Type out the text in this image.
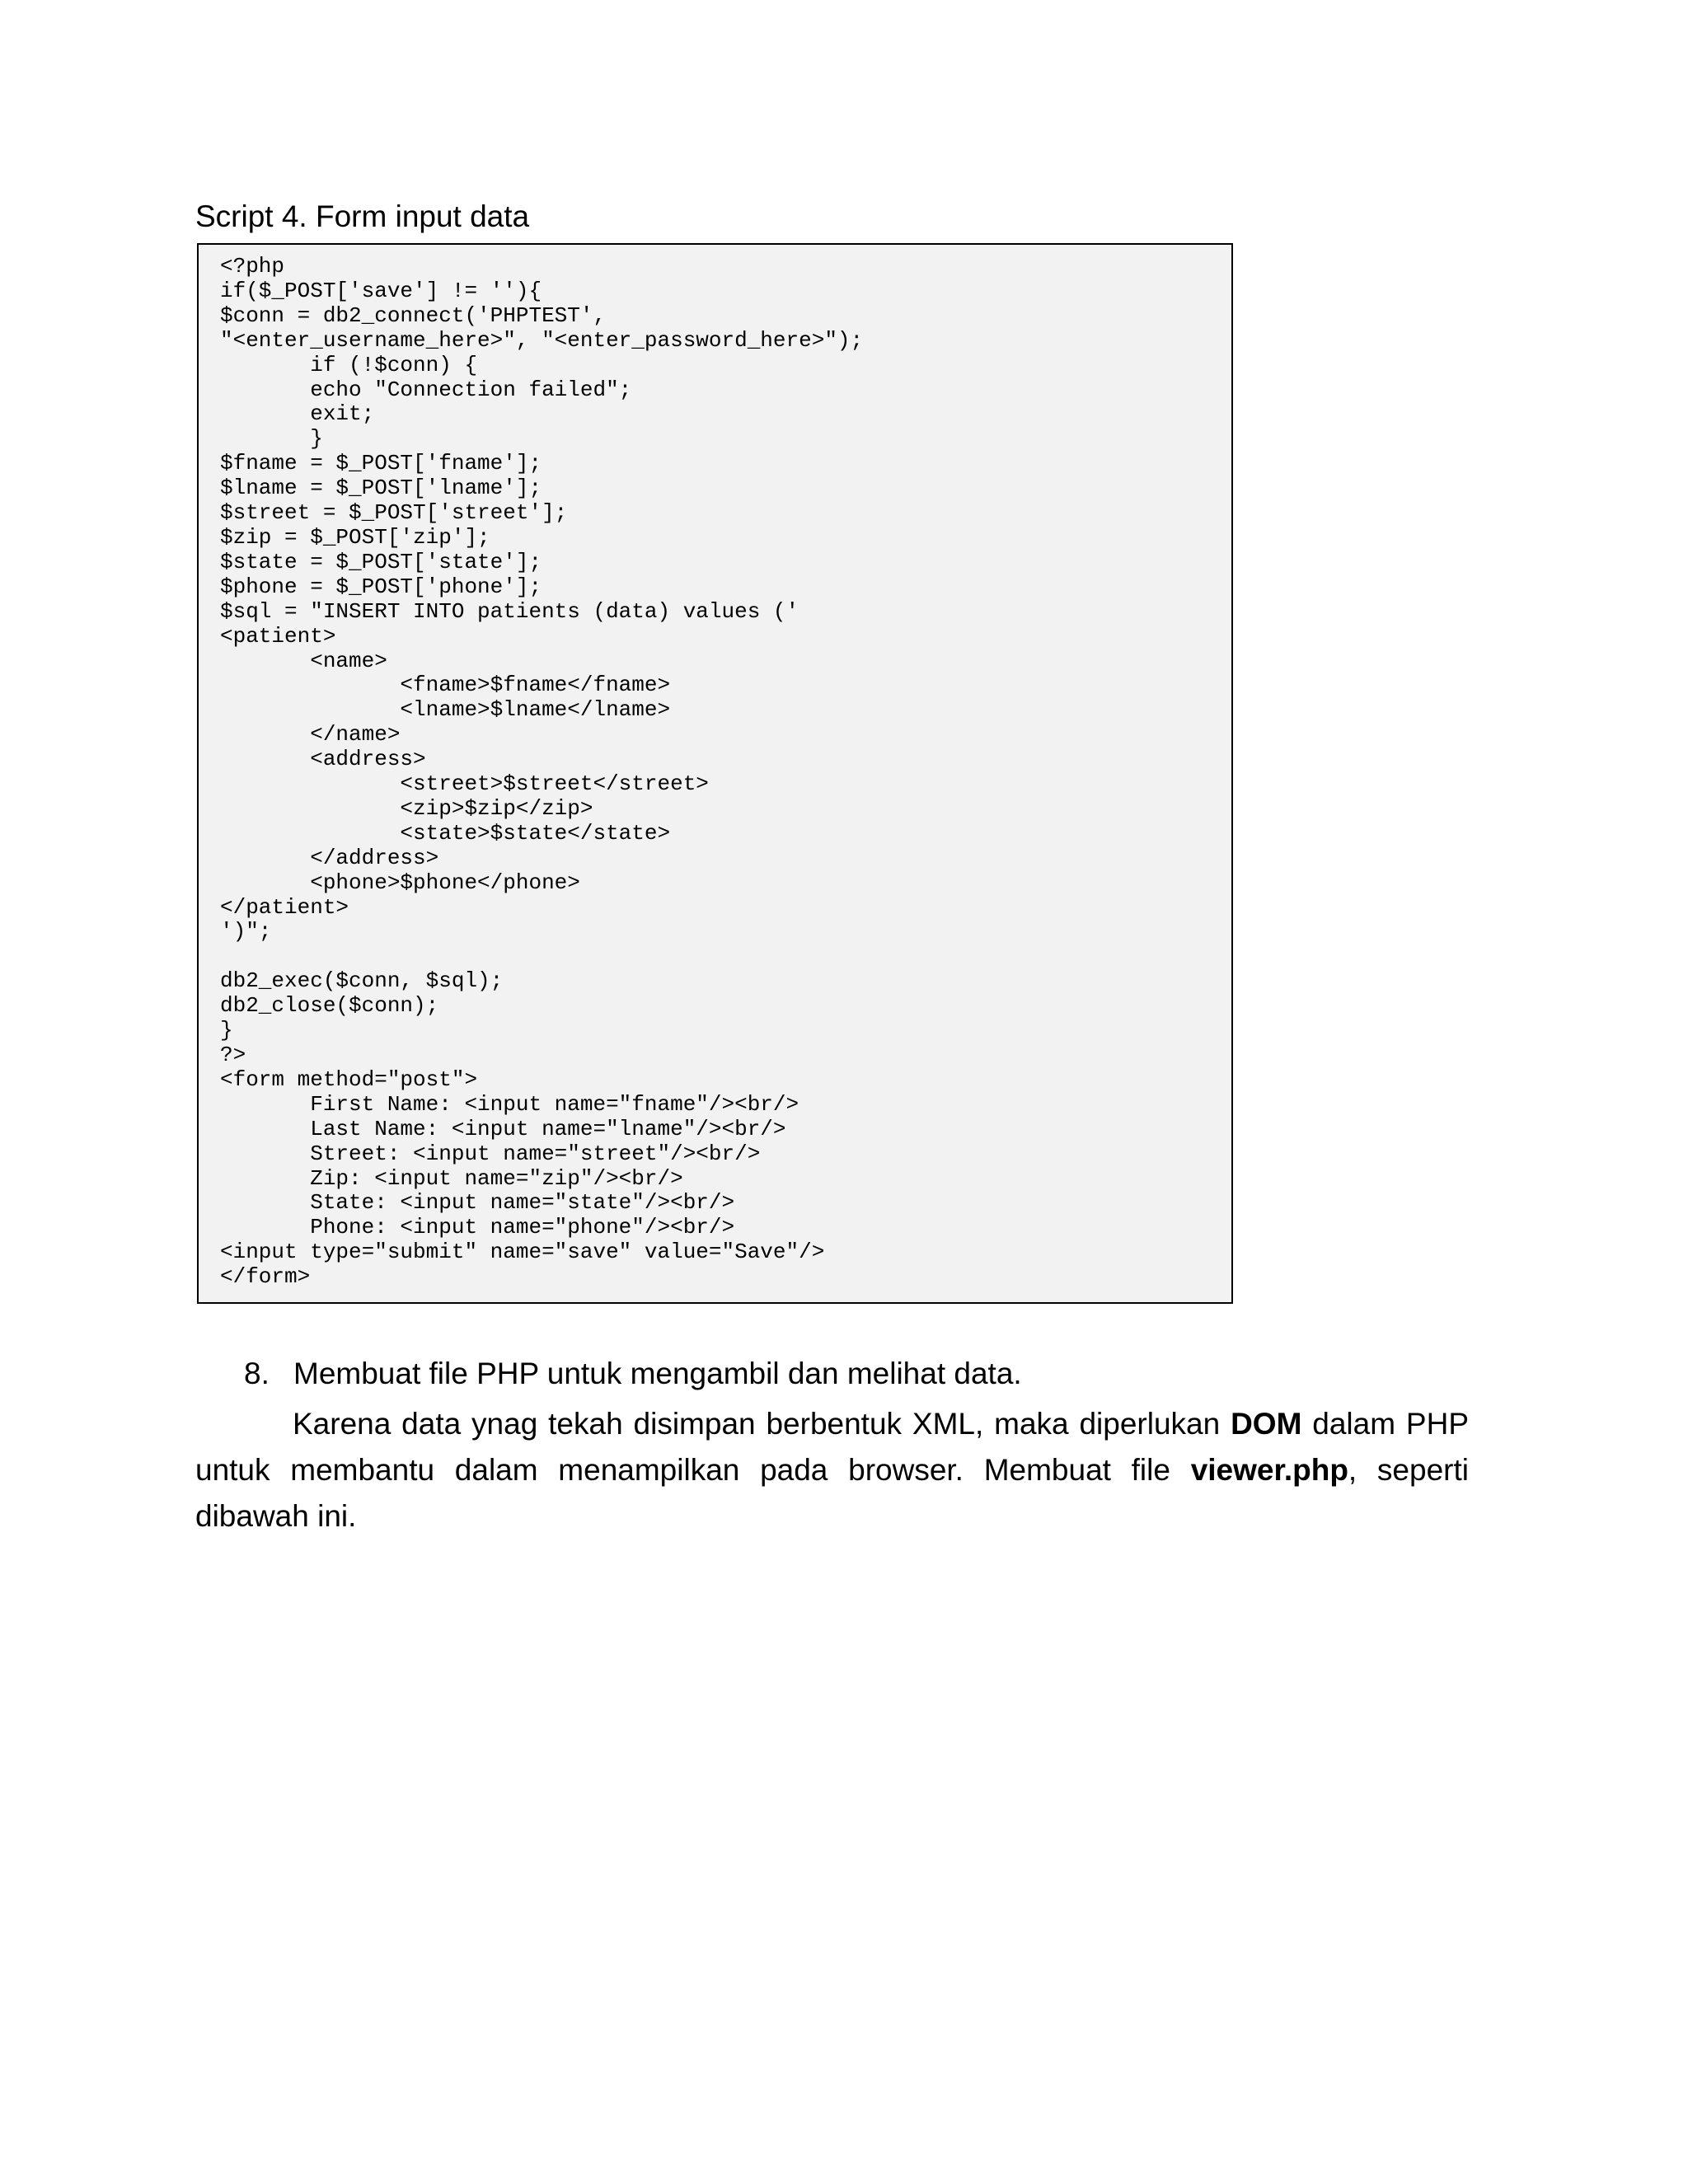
Script 4. Form input data
<?php
if($_POST['save'] != ''){
$conn = db2_connect('PHPTEST',
"<enter_username_here>", "<enter_password_here>");
if (!$conn) {
echo "Connection failed";
exit;
}
$fname = $_POST['fname'];
$lname = $_POST['lname'];
$street = $_POST['street'];
$zip = $_POST['zip'];
$state = $_POST['state'];
$phone = $_POST['phone'];
$sql = "INSERT INTO patients (data) values ('
<patient>
<name>
<fname>$fname</fname>
<lname>$lname</lname>
</name>
<address>
<street>$street</street>
<zip>$zip</zip>
<state>$state</state>
</address>
<phone>$phone</phone>
</patient>
')";
db2_exec($conn, $sql);
db2_close($conn);
}
?>
<form method="post">
First Name: <input name="fname"/><br/>
Last Name: <input name="lname"/><br/>
Street: <input name="street"/><br/>
Zip: <input name="zip"/><br/>
State: <input name="state"/><br/>
Phone: <input name="phone"/><br/>
<input type="submit" name="save" value="Save"/>
</form>
8. Membuat file PHP untuk mengambil dan melihat data.

Karena data ynag tekah disimpan berbentuk XML, maka diperlukan DOM dalam PHP untuk membantu dalam menampilkan pada browser. Membuat file viewer.php, seperti dibawah ini.
